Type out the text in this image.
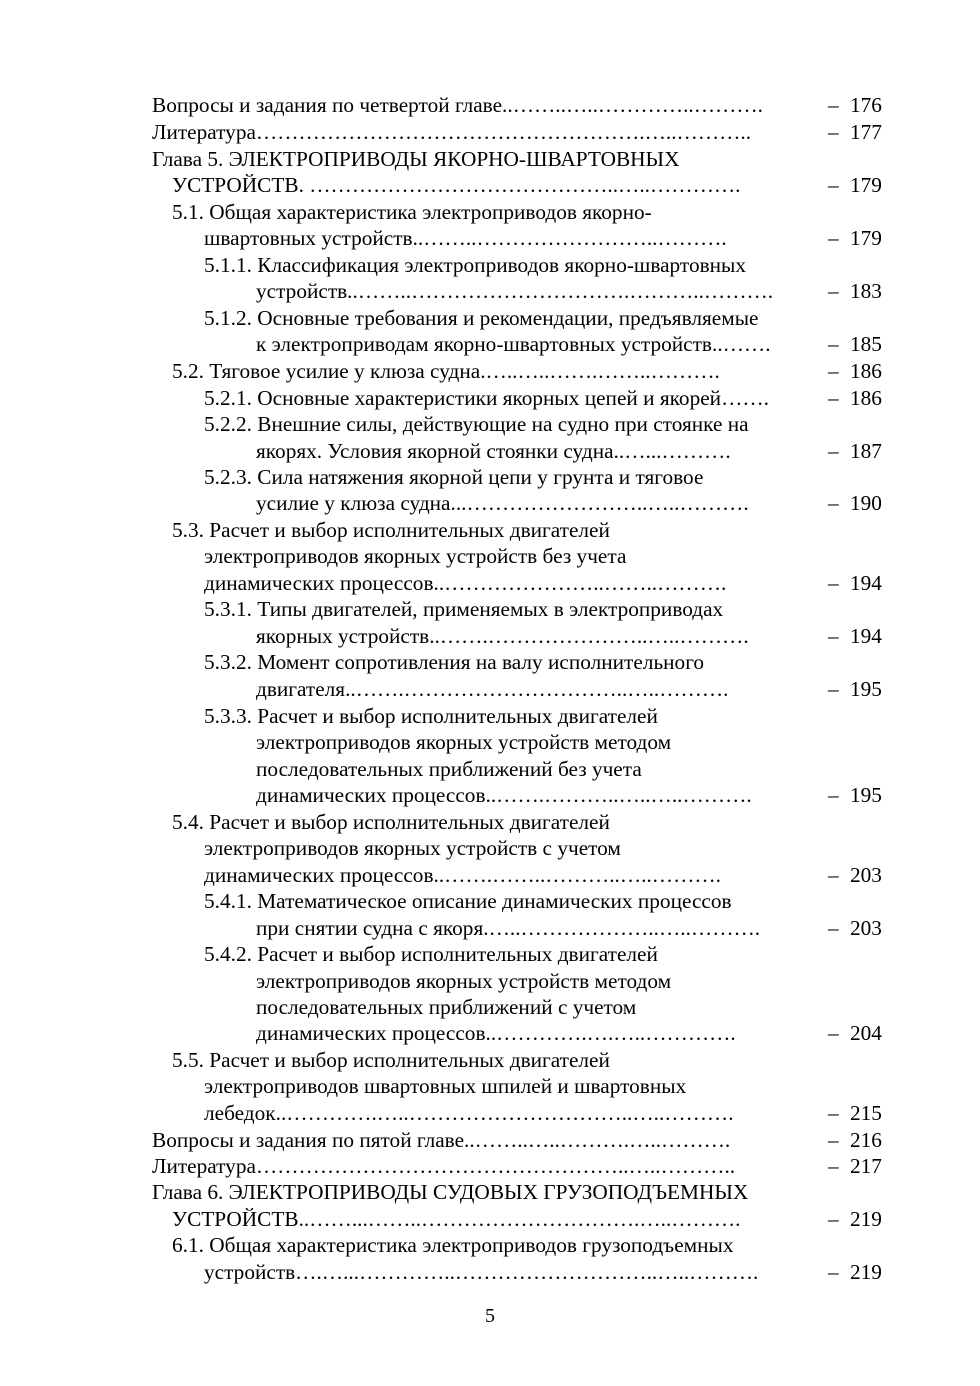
Вопросы и задания по четвертой главе..……..…..…………..……….	– 176
Литература……………………………………………….…..………..	– 177
Глава 5. ЭЛЕКТРОПРИВОДЫ ЯКОРНО-ШВАРТОВНЫХ
УСТРОЙСТВ. ……………………………………..…..………….	– 179
5.1. Общая характеристика электроприводов якорно-
швартовных устройств..……..……………………..……….	– 179
5.1.1. Классификация электроприводов якорно-швартовных
устройств..……..………………………….………..……….	– 183
5.1.2. Основные требования и рекомендации, предъявляемые
к электроприводам якорно-швартовных устройств..…….	– 185
5.2. Тяговое усилие у клюза судна.…..…..…….……..……….	– 186
5.2.1. Основные характеристики якорных цепей и якорей…….	– 186
5.2.2. Внешние силы, действующие на судно при стоянке на
якорях. Условия якорной стоянки судна..…...……….	– 187
5.2.3. Сила натяжения якорной цепи у грунта и тяговое
усилие у клюза судна...……………………..…..……….	– 190
5.3. Расчет и выбор исполнительных двигателей
электроприводов якорных устройств без учета
динамических процессов..…………………..……..……….	– 194
5.3.1. Типы двигателей, применяемых в электроприводах
якорных устройств..…….…………………..…..……….	– 194
5.3.2. Момент сопротивления на валу исполнительного
двигателя..…….…………………………..…..……….	– 195
5.3.3. Расчет и выбор исполнительных двигателей
электроприводов якорных устройств методом
последовательных приближений без учета
динамических процессов..…….………..…..…..……….	– 195
5.4. Расчет и выбор исполнительных двигателей
электроприводов якорных устройств с учетом
динамических процессов..…….……..………..…..……….	– 203
5.4.1. Математическое описание динамических процессов
при снятии судна с якоря.…..………………..…..……….	– 203
5.4.2. Расчет и выбор исполнительных двигателей
электроприводов якорных устройств методом
последовательных приближений с учетом
динамических процессов..………….….…..………….	– 204
5.5. Расчет и выбор исполнительных двигателей
электроприводов швартовных шпилей и швартовных
лебедок..………….…..…………………………..…..……….	– 215
Вопросы и задания по пятой главе..……..…..……….…..……….	– 216
Литература……………………………………………..…..………..	– 217
Глава 6. ЭЛЕКТРОПРИВОДЫ СУДОВЫХ ГРУЗОПОДЪЕМНЫХ
УСТРОЙСТВ..……...……..………………………….…..……….	– 219
6.1. Общая характеристика электроприводов грузоподъемных
устройств….…...…………..………………………..…..……….	– 219
5
